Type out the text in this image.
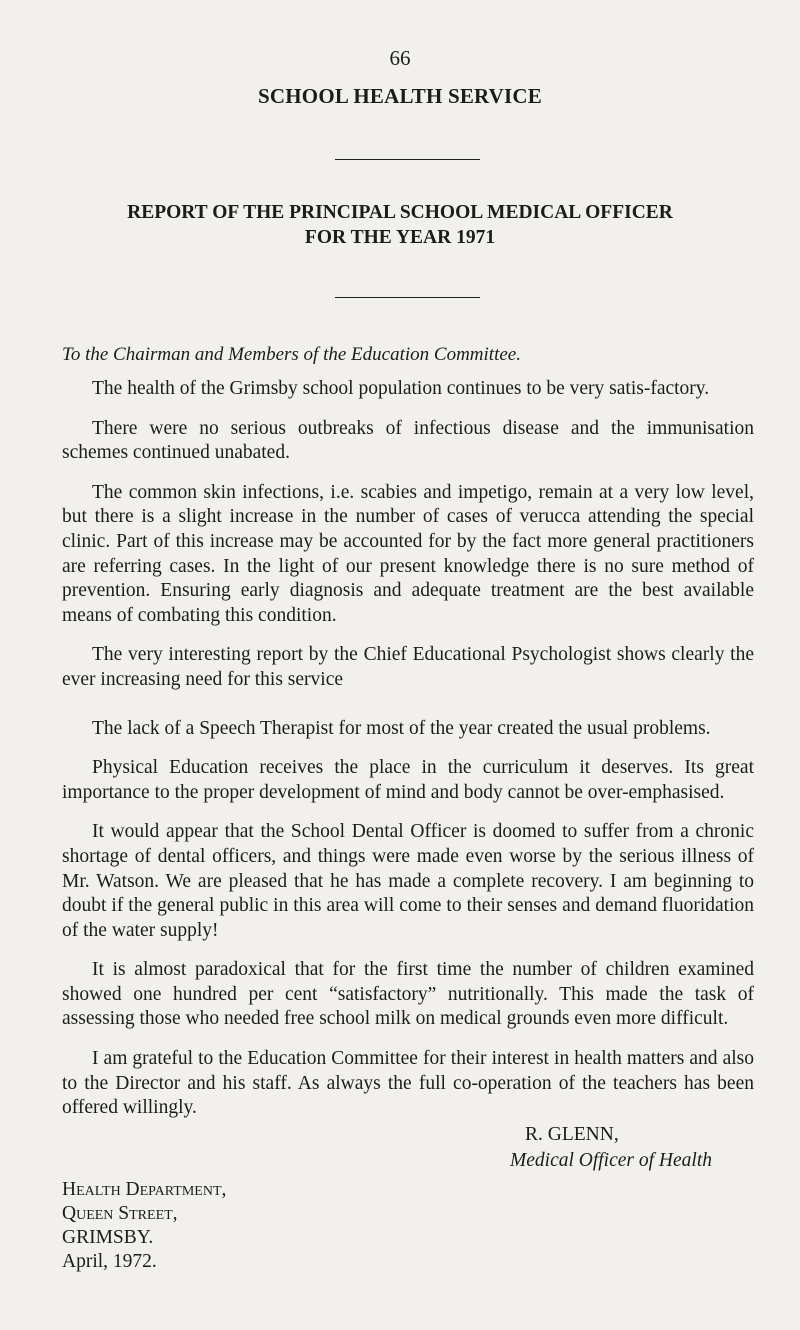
66
SCHOOL HEALTH SERVICE
REPORT OF THE PRINCIPAL SCHOOL MEDICAL OFFICER
FOR THE YEAR 1971
To the Chairman and Members of the Education Committee.

The health of the Grimsby school population continues to be very satis-factory.

There were no serious outbreaks of infectious disease and the immunisation schemes continued unabated.

The common skin infections, i.e. scabies and impetigo, remain at a very low level, but there is a slight increase in the number of cases of verucca attending the special clinic. Part of this increase may be accounted for by the fact more general practitioners are referring cases. In the light of our present knowledge there is no sure method of prevention. Ensuring early diagnosis and adequate treatment are the best available means of combating this condition.

The very interesting report by the Chief Educational Psychologist shows clearly the ever increasing need for this service

The lack of a Speech Therapist for most of the year created the usual problems.

Physical Education receives the place in the curriculum it deserves. Its great importance to the proper development of mind and body cannot be over-emphasised.

It would appear that the School Dental Officer is doomed to suffer from a chronic shortage of dental officers, and things were made even worse by the serious illness of Mr. Watson. We are pleased that he has made a complete recovery. I am beginning to doubt if the general public in this area will come to their senses and demand fluoridation of the water supply!

It is almost paradoxical that for the first time the number of children examined showed one hundred per cent “satisfactory” nutritionally. This made the task of assessing those who needed free school milk on medical grounds even more difficult.

I am grateful to the Education Committee for their interest in health matters and also to the Director and his staff. As always the full co-operation of the teachers has been offered willingly.

R. GLENN,
Medical Officer of Health
Health Department,
Queen Street,
GRIMSBY.
April, 1972.
